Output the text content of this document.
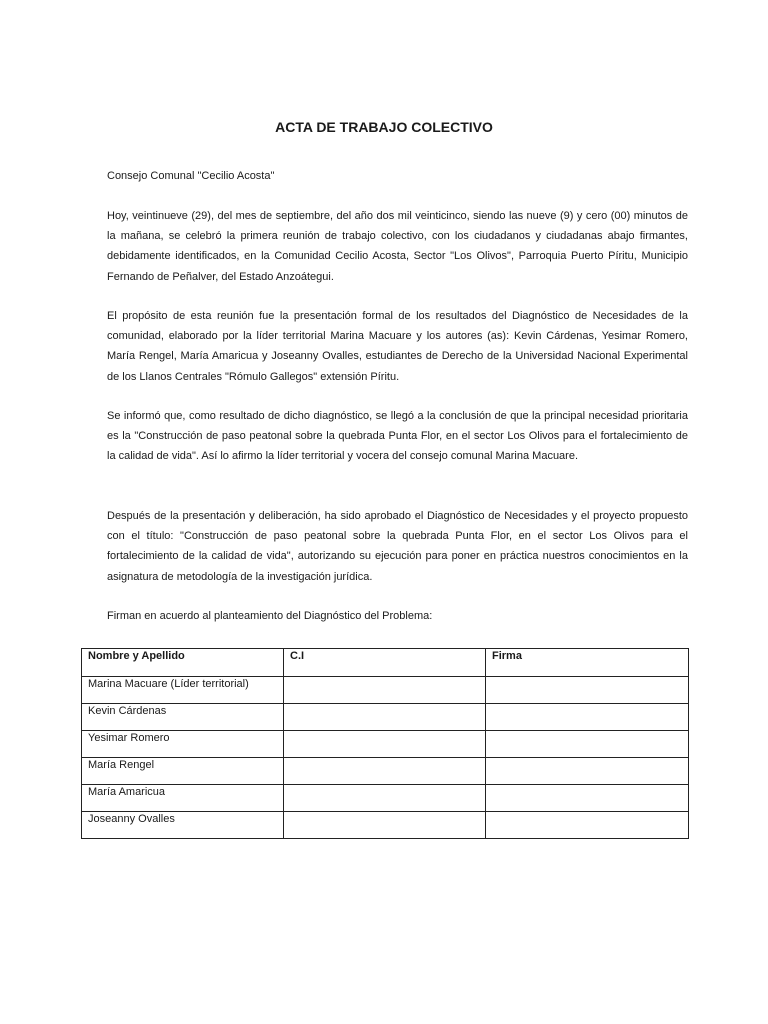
ACTA DE TRABAJO COLECTIVO

Consejo Comunal "Cecilio Acosta"

Hoy, veintinueve (29), del mes de septiembre, del año dos mil veinticinco, siendo las nueve (9) y cero (00) minutos de la mañana, se celebró la primera reunión de trabajo colectivo, con los ciudadanos y ciudadanas abajo firmantes, debidamente identificados, en la Comunidad Cecilio Acosta, Sector "Los Olivos", Parroquia Puerto Píritu, Municipio Fernando de Peñalver, del Estado Anzoátegui.

El propósito de esta reunión fue la presentación formal de los resultados del Diagnóstico de Necesidades de la comunidad, elaborado por la líder territorial Marina Macuare y los autores (as): Kevin Cárdenas, Yesimar Romero, María Rengel, María Amaricua y Joseanny Ovalles, estudiantes de Derecho de la Universidad Nacional Experimental de los Llanos Centrales "Rómulo Gallegos" extensión Píritu.

Se informó que, como resultado de dicho diagnóstico, se llegó a la conclusión de que la principal necesidad prioritaria es la "Construcción de paso peatonal sobre la quebrada Punta Flor, en el sector Los Olivos para el fortalecimiento de la calidad de vida". Así lo afirmo la líder territorial y vocera del consejo comunal Marina Macuare.

Después de la presentación y deliberación, ha sido aprobado el Diagnóstico de Necesidades y el proyecto propuesto con el título: "Construcción de paso peatonal sobre la quebrada Punta Flor, en el sector Los Olivos para el fortalecimiento de la calidad de vida", autorizando su ejecución para poner en práctica nuestros conocimientos en la asignatura de metodología de la investigación jurídica.

Firman en acuerdo al planteamiento del Diagnóstico del Problema:

Nombre y Apellido	C.I	Firma
Marina Macuare (Líder territorial)		
Kevin Cárdenas		
Yesimar Romero		
María Rengel		
María Amaricua		
Joseanny Ovalles		
